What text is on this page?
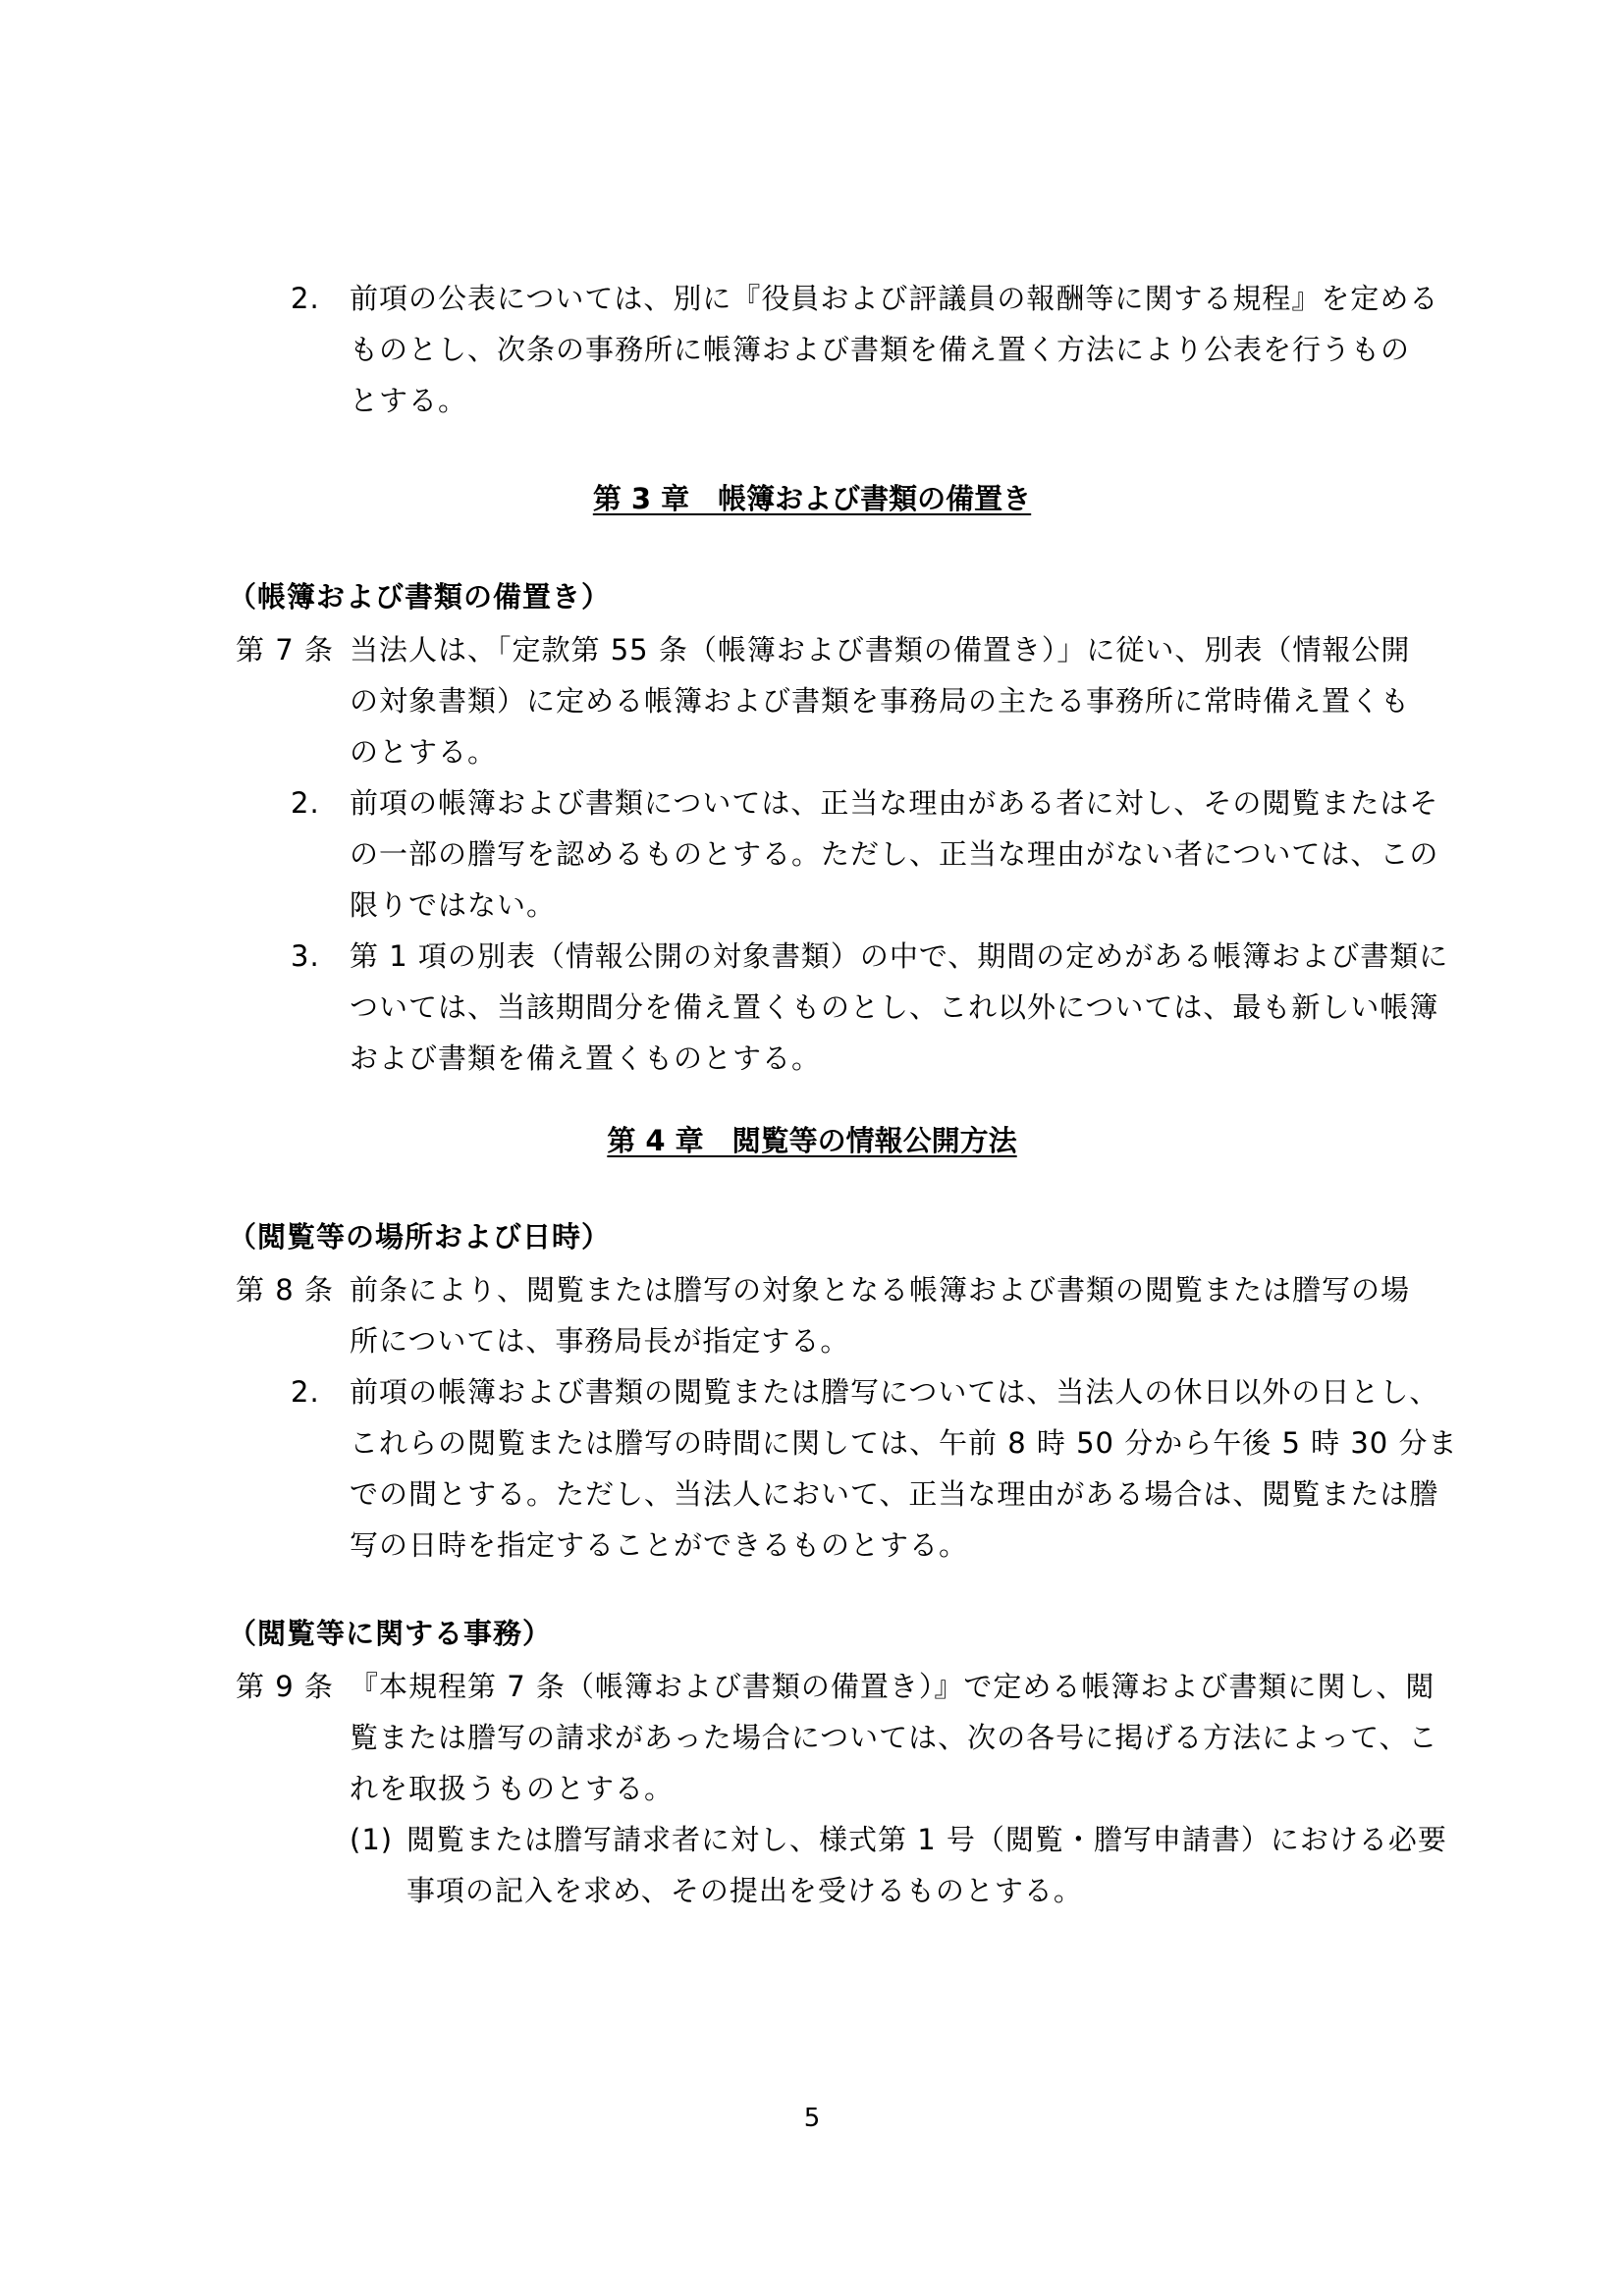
2. 前項の公表については、別に『役員および評議員の報酬等に関する規程』を定める
ものとし、次条の事務所に帳簿および書類を備え置く方法により公表を行うもの
とする。
第 3 章　帳簿および書類の備置き
（帳簿および書類の備置き）
第 7 条 当法人は、「定款第 55 条（帳簿および書類の備置き）」に従い、別表（情報公開
の対象書類）に定める帳簿および書類を事務局の主たる事務所に常時備え置くも
のとする。
2. 前項の帳簿および書類については、正当な理由がある者に対し、その閲覧またはそ
の一部の謄写を認めるものとする。ただし、正当な理由がない者については、この
限りではない。
3. 第 1 項の別表（情報公開の対象書類）の中で、期間の定めがある帳簿および書類に
ついては、当該期間分を備え置くものとし、これ以外については、最も新しい帳簿
および書類を備え置くものとする。
第 4 章　閲覧等の情報公開方法
（閲覧等の場所および日時）
第 8 条 前条により、閲覧または謄写の対象となる帳簿および書類の閲覧または謄写の場
所については、事務局長が指定する。
2. 前項の帳簿および書類の閲覧または謄写については、当法人の休日以外の日とし、
これらの閲覧または謄写の時間に関しては、午前 8 時 50 分から午後 5 時 30 分ま
での間とする。ただし、当法人において、正当な理由がある場合は、閲覧または謄
写の日時を指定することができるものとする。
（閲覧等に関する事務）
第 9 条 『本規程第 7 条（帳簿および書類の備置き）』で定める帳簿および書類に関し、閲
覧または謄写の請求があった場合については、次の各号に掲げる方法によって、こ
れを取扱うものとする。
(1) 閲覧または謄写請求者に対し、様式第 1 号（閲覧・謄写申請書）における必要
事項の記入を求め、その提出を受けるものとする。
5
